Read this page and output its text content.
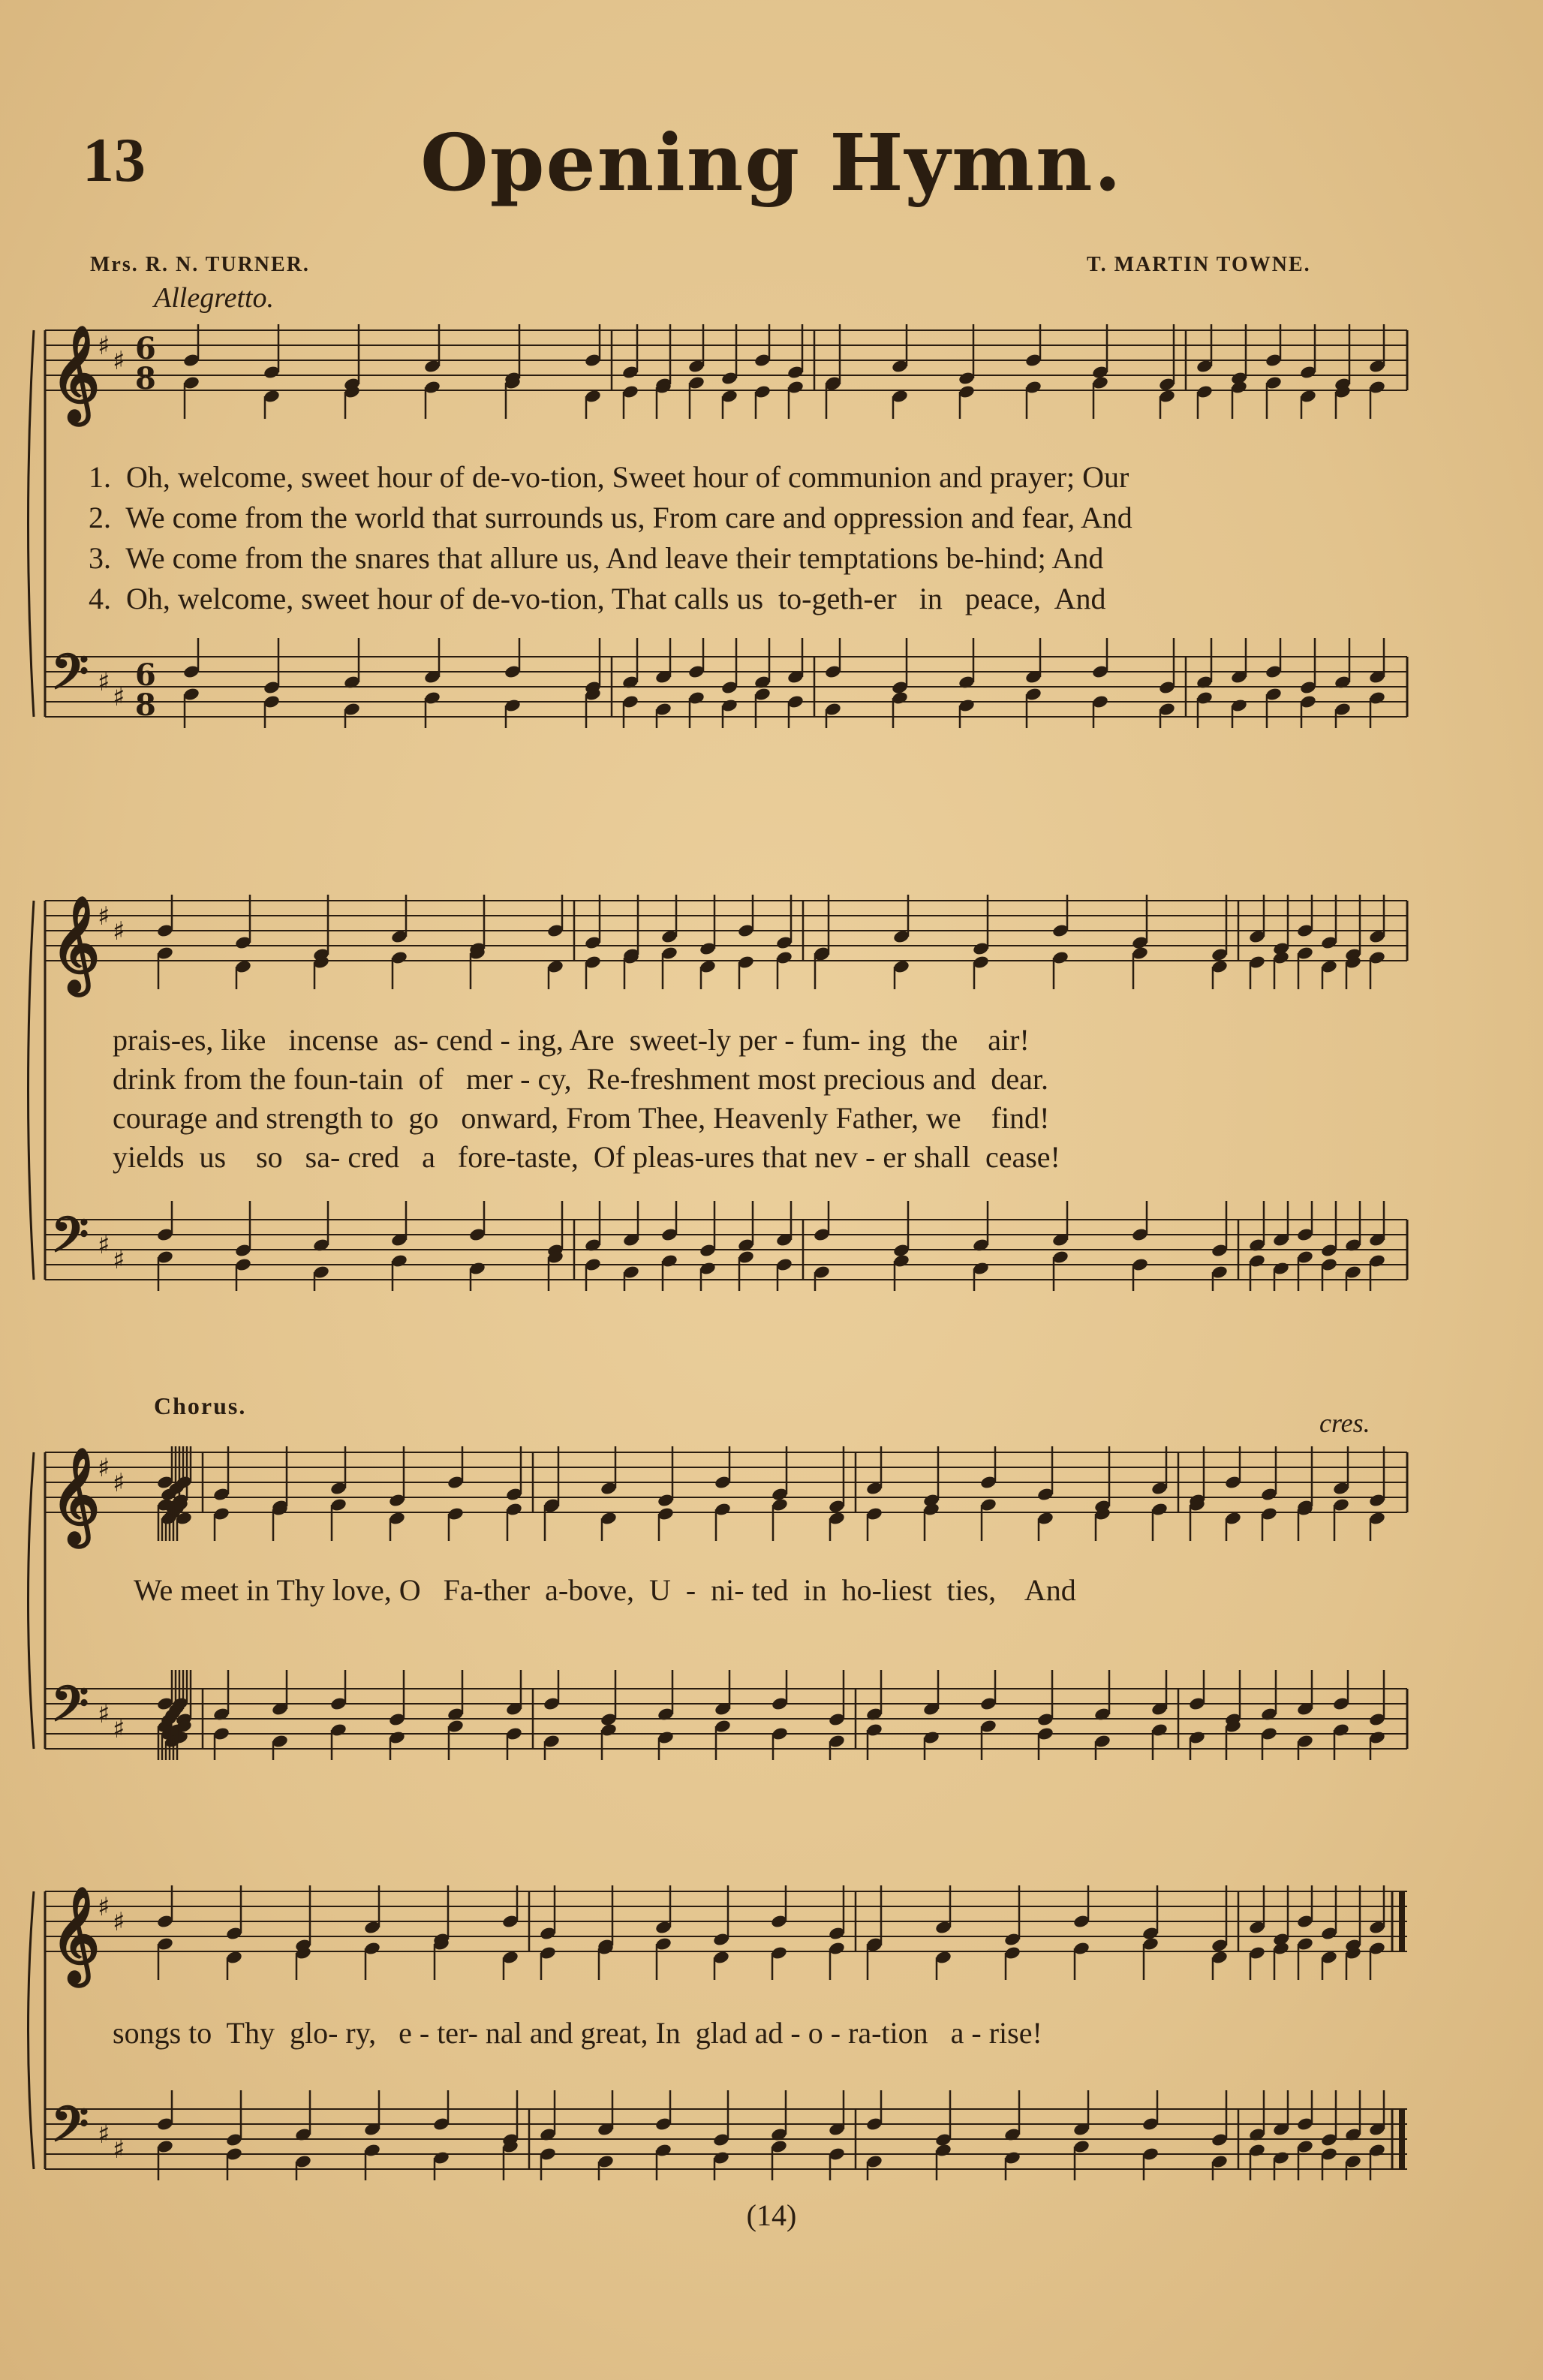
13	Opening Hymn.
Mrs. R. N. TURNER.	T. MARTIN TOWNE.
Allegretto.
𝄞
𝄢
♯ ♯
♯ ♯
6
8
6
8
1.  Oh, welcome, sweet hour of de-vo-tion, Sweet hour of communion and prayer; Our
2.  We come from the world that surrounds us, From care and oppression and fear, And
3.  We come from the snares that allure us, And leave their temptations be-hind; And
4.  Oh, welcome, sweet hour of de-vo-tion, That calls us  to-geth-er   in   peace,  And
𝄞
𝄢
♯ ♯
♯ ♯
prais-es, like   incense  as- cend - ing, Are  sweet-ly per - fum- ing  the    air!
drink from the foun-tain  of   mer - cy,  Re-freshment most precious and  dear.
courage and strength to  go   onward, From Thee, Heavenly Father, we    find!
yields  us    so   sa- cred   a   fore-taste,  Of pleas-ures that nev - er shall  cease!
Chorus.
cres.
𝄞
𝄢
♯ ♯
♯ ♯
We meet in Thy love, O   Fa-ther  a-bove,  U  -  ni- ted  in  ho-liest  ties,    And
𝄞
𝄢
♯ ♯
♯ ♯
songs to  Thy  glo- ry,   e - ter- nal and great, In  glad ad - o - ra-tion   a - rise!
(14)
